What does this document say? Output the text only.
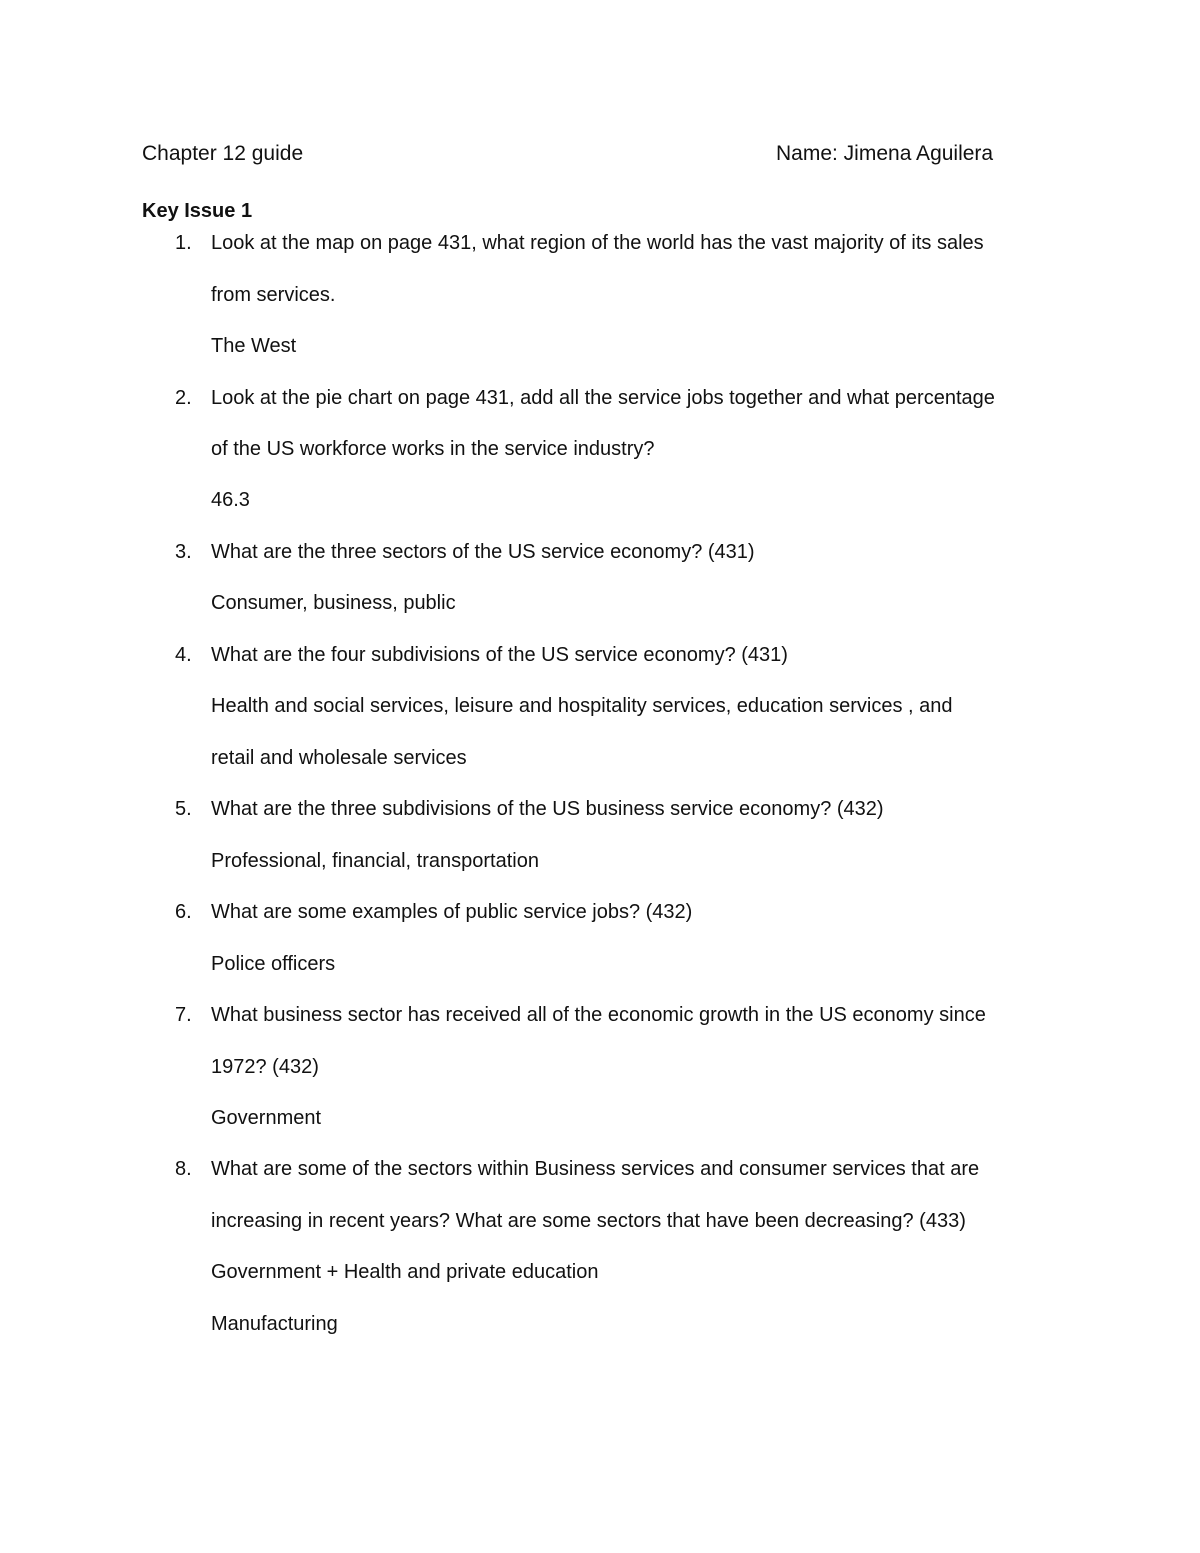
Chapter 12 guide	Name: Jimena Aguilera
Key Issue 1
1. Look at the map on page 431, what region of the world has the vast majority of its sales
from services.
The West
2. Look at the pie chart on page 431, add all the service jobs together and what percentage
of the US workforce works in the service industry?
46.3
3. What are the three sectors of the US service economy? (431)
Consumer, business, public
4. What are the four subdivisions of the US service economy? (431)
Health and social services, leisure and hospitality services, education services , and
retail and wholesale services
5. What are the three subdivisions of the US business service economy? (432)
Professional, financial, transportation
6. What are some examples of public service jobs? (432)
Police officers
7. What business sector has received all of the economic growth in the US economy since
1972? (432)
Government
8. What are some of the sectors within Business services and consumer services that are
increasing in recent years? What are some sectors that have been decreasing? (433)
Government + Health and private education
Manufacturing
